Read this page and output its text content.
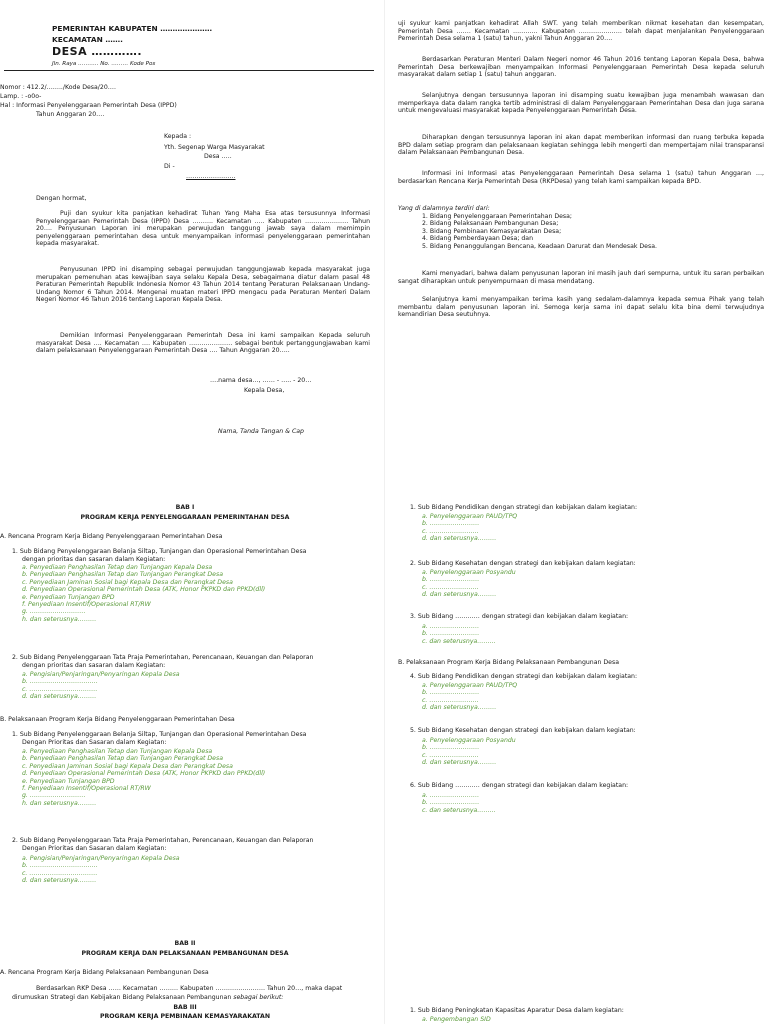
PEMERINTAH KABUPATEN …………………
KECAMATAN …….
DESA ………….
Jln. Raya ……….. No. ……… Kode Pos
Nomor : 412.2/……../Kode Desa/20….
Lamp. : -o0o-
Hal : Informasi Penyelenggaraan Pemerintah Desa (IPPD)
Tahun Anggaran 20….
Kepada :
Yth. Segenap Warga Masyarakat
Desa …..
Di -
……………………
Dengan hormat,
Puji dan syukur kita panjatkan kehadirat Tuhan Yang Maha Esa atas tersusunnya Informasi Penyelenggaraan Pemerintah Desa (IPPD) Desa ………. Kecamatan ….. Kabupaten ………………… Tahun 20…. Penyusunan Laporan ini merupakan perwujudan tanggung jawab saya dalam memimpin penyelenggaraan pemerintahan desa untuk menyampaikan informasi penyelenggaraan pemerintahan kepada masyarakat.
Penyusunan IPPD ini disamping sebagai perwujudan tanggungjawab kepada masyarakat juga merupakan pemenuhan atas kewajiban saya selaku Kepala Desa, sebagaimana diatur dalam pasal 48 Peraturan Pemerintah Republik Indonesia Nomor 43 Tahun 2014 tentang Peraturan Pelaksanaan Undang-Undang Nomor 6 Tahun 2014. Mengenai muatan materi IPPD mengacu pada Peraturan Menteri Dalam Negeri Nomor 46 Tahun 2016 tentang Laporan Kepala Desa.
Demikian Informasi Penyelenggaraan Pemerintah Desa ini kami sampaikan Kepada seluruh masyarakat Desa …. Kecamatan …. Kabupaten ………………… sebagai bentuk pertanggungjawaban kami dalam pelaksanaan Penyelenggaraan Pemerintah Desa …. Tahun Anggaran 20…..
….nama desa…, …… - ….. - 20…
Kepala Desa,
Nama, Tanda Tangan & Cap
uji syukur kami panjatkan kehadirat Allah SWT. yang telah memberikan nikmat kesehatan dan kesempatan, Pemerintah Desa ……. Kecamatan ………… Kabupaten ………………… telah dapat menjalankan Penyelenggaraan Pemerintah Desa selama 1 (satu) tahun, yakni Tahun Anggaran 20….
Berdasarkan Peraturan Menteri Dalam Negeri nomor 46 Tahun 2016 tentang Laporan Kepala Desa, bahwa Pemerintah Desa berkewajiban menyampaikan Informasi Penyelenggaraan Pemerintah Desa kepada seluruh masyarakat dalam setiap 1 (satu) tahun anggaran.
Selanjutnya dengan tersusunnya laporan ini disamping suatu kewajiban juga menambah wawasan dan memperkaya data dalam rangka tertib administrasi di dalam Penyelenggaraan Pemerintahan Desa dan juga sarana untuk mengevaluasi masyarakat kepada Penyelenggaraan Pemerintah Desa.
Diharapkan dengan tersusunnya laporan ini akan dapat memberikan informasi dan ruang terbuka kepada BPD dalam setiap program dan pelaksanaan kegiatan sehingga lebih mengerti dan mempertajam nilai transparansi dalam Pelaksanaan Pembangunan Desa.
Informasi ini Informasi atas Penyelenggaraan Pemerintah Desa selama 1 (satu) tahun Anggaran …, berdasarkan Rencana Kerja Pemerintah Desa (RKPDesa) yang telah kami sampaikan kepada BPD.
Yang di dalamnya terdiri dari:
1. Bidang Penyelenggaraan Pemerintahan Desa;
2. Bidang Pelaksanaan Pembangunan Desa;
3. Bidang Pembinaan Kemasyarakatan Desa;
4. Bidang Pemberdayaan Desa; dan
5. Bidang Penanggulangan Bencana, Keadaan Darurat dan Mendesak Desa.
Kami menyadari, bahwa dalam penyusunan laporan ini masih jauh dari sempurna, untuk itu saran perbaikan sangat diharapkan untuk penyempurnaan di masa mendatang.
Selanjutnya kami menyampaikan terima kasih yang sedalam-dalamnya kepada semua Pihak yang telah membantu dalam penyusunan laporan ini. Semoga kerja sama ini dapat selalu kita bina demi terwujudnya kemandirian Desa seutuhnya.
BAB I
PROGRAM KERJA PENYELENGGARAAN PEMERINTAHAN DESA
A. Rencana Program Kerja Bidang Penyelenggaraan Pemerintahan Desa
1. Sub Bidang Penyelenggaraan Belanja Siltap, Tunjangan dan Operasional Pemerintahan Desa
dengan prioritas dan sasaran dalam Kegiatan:
a. Penyediaan Penghasilan Tetap dan Tunjangan Kepala Desa
b. Penyediaan Penghasilan Tetap dan Tunjangan Perangkat Desa
c. Penyediaan Jaminan Sosial bagi Kepala Desa dan Perangkat Desa
d. Penyediaan Operasional Pemerintah Desa (ATK, Honor PKPKD dan PPKD(dll)
e. Penyediaan Tunjangan BPD
f. Penyediaan Insentif/Operasional RT/RW
g. ………………………
h. dan seterusnya………
2. Sub Bidang Penyelenggaraan Tata Praja Pemerintahan, Perencanaan, Keuangan dan Pelaporan
dengan prioritas dan sasaran dalam Kegiatan:
a. Pengisian/Penjaringan/Penyaringan Kepala Desa
b. ……………………………
c. ……………………………
d. dan seterusnya………
B. Pelaksanaan Program Kerja Bidang Penyelenggaraan Pemerintahan Desa
1. Sub Bidang Penyelenggaraan Belanja Siltap, Tunjangan dan Operasional Pemerintahan Desa
Dengan Prioritas dan Sasaran dalam Kegiatan:
a. Penyediaan Penghasilan Tetap dan Tunjangan Kepala Desa
b. Penyediaan Penghasilan Tetap dan Tunjangan Perangkat Desa
c. Penyediaan Jaminan Sosial bagi Kepala Desa dan Perangkat Desa
d. Penyediaan Operasional Pemerintah Desa (ATK, Honor PKPKD dan PPKD(dll)
e. Penyediaan Tunjangan BPD
f. Penyediaan Insentif/Operasional RT/RW
g. ………………………
h. dan seterusnya………
2. Sub Bidang Penyelenggaraan Tata Praja Pemerintahan, Perencanaan, Keuangan dan Pelaporan
Dengan Prioritas dan Sasaran dalam Kegiatan:
a. Pengisian/Penjaringan/Penyaringan Kepala Desa
b. ……………………………
c. ……………………………
d. dan seterusnya………
1. Sub Bidang Pendidikan dengan strategi dan kebijakan dalam kegiatan:
a. Penyelenggaraan PAUD/TPQ
b. ……………………
c. ……………………
d. dan seterusnya………
2. Sub Bidang Kesehatan dengan strategi dan kebijakan dalam kegiatan:
a. Penyelenggaraan Posyandu
b. ……………………
c. ……………………
d. dan seterusnya………
3. Sub Bidang ………… dengan strategi dan kebijakan dalam kegiatan:
a. ……………………
b. ……………………
c. dan seterusnya………
B. Pelaksanaan Program Kerja Bidang Pelaksanaan Pembangunan Desa
4. Sub Bidang Pendidikan dengan strategi dan kebijakan dalam kegiatan:
a. Penyelenggaraan PAUD/TPQ
b. ……………………
c. ……………………
d. dan seterusnya………
5. Sub Bidang Kesehatan dengan strategi dan kebijakan dalam kegiatan:
a. Penyelenggaraan Posyandu
b. ……………………
c. ……………………
d. dan seterusnya………
6. Sub Bidang ………… dengan strategi dan kebijakan dalam kegiatan:
a. ……………………
b. ……………………
c. dan seterusnya………
BAB II
PROGRAM KERJA DAN PELAKSANAAN PEMBANGUNAN DESA
A. Rencana Program Kerja Bidang Pelaksanaan Pembangunan Desa
Berdasarkan RKP Desa …… Kecamatan ……… Kabupaten …………………… Tahun 20…, maka dapat
dirumuskan Strategi dan Kebijakan Bidang Pelaksanaan Pembangunan sebagai berikut:
BAB III
PROGRAM KERJA PEMBINAAN KEMASYARAKATAN
1. Sub Bidang Peningkatan Kapasitas Aparatur Desa dalam kegiatan:
a. Pengembangan SID
